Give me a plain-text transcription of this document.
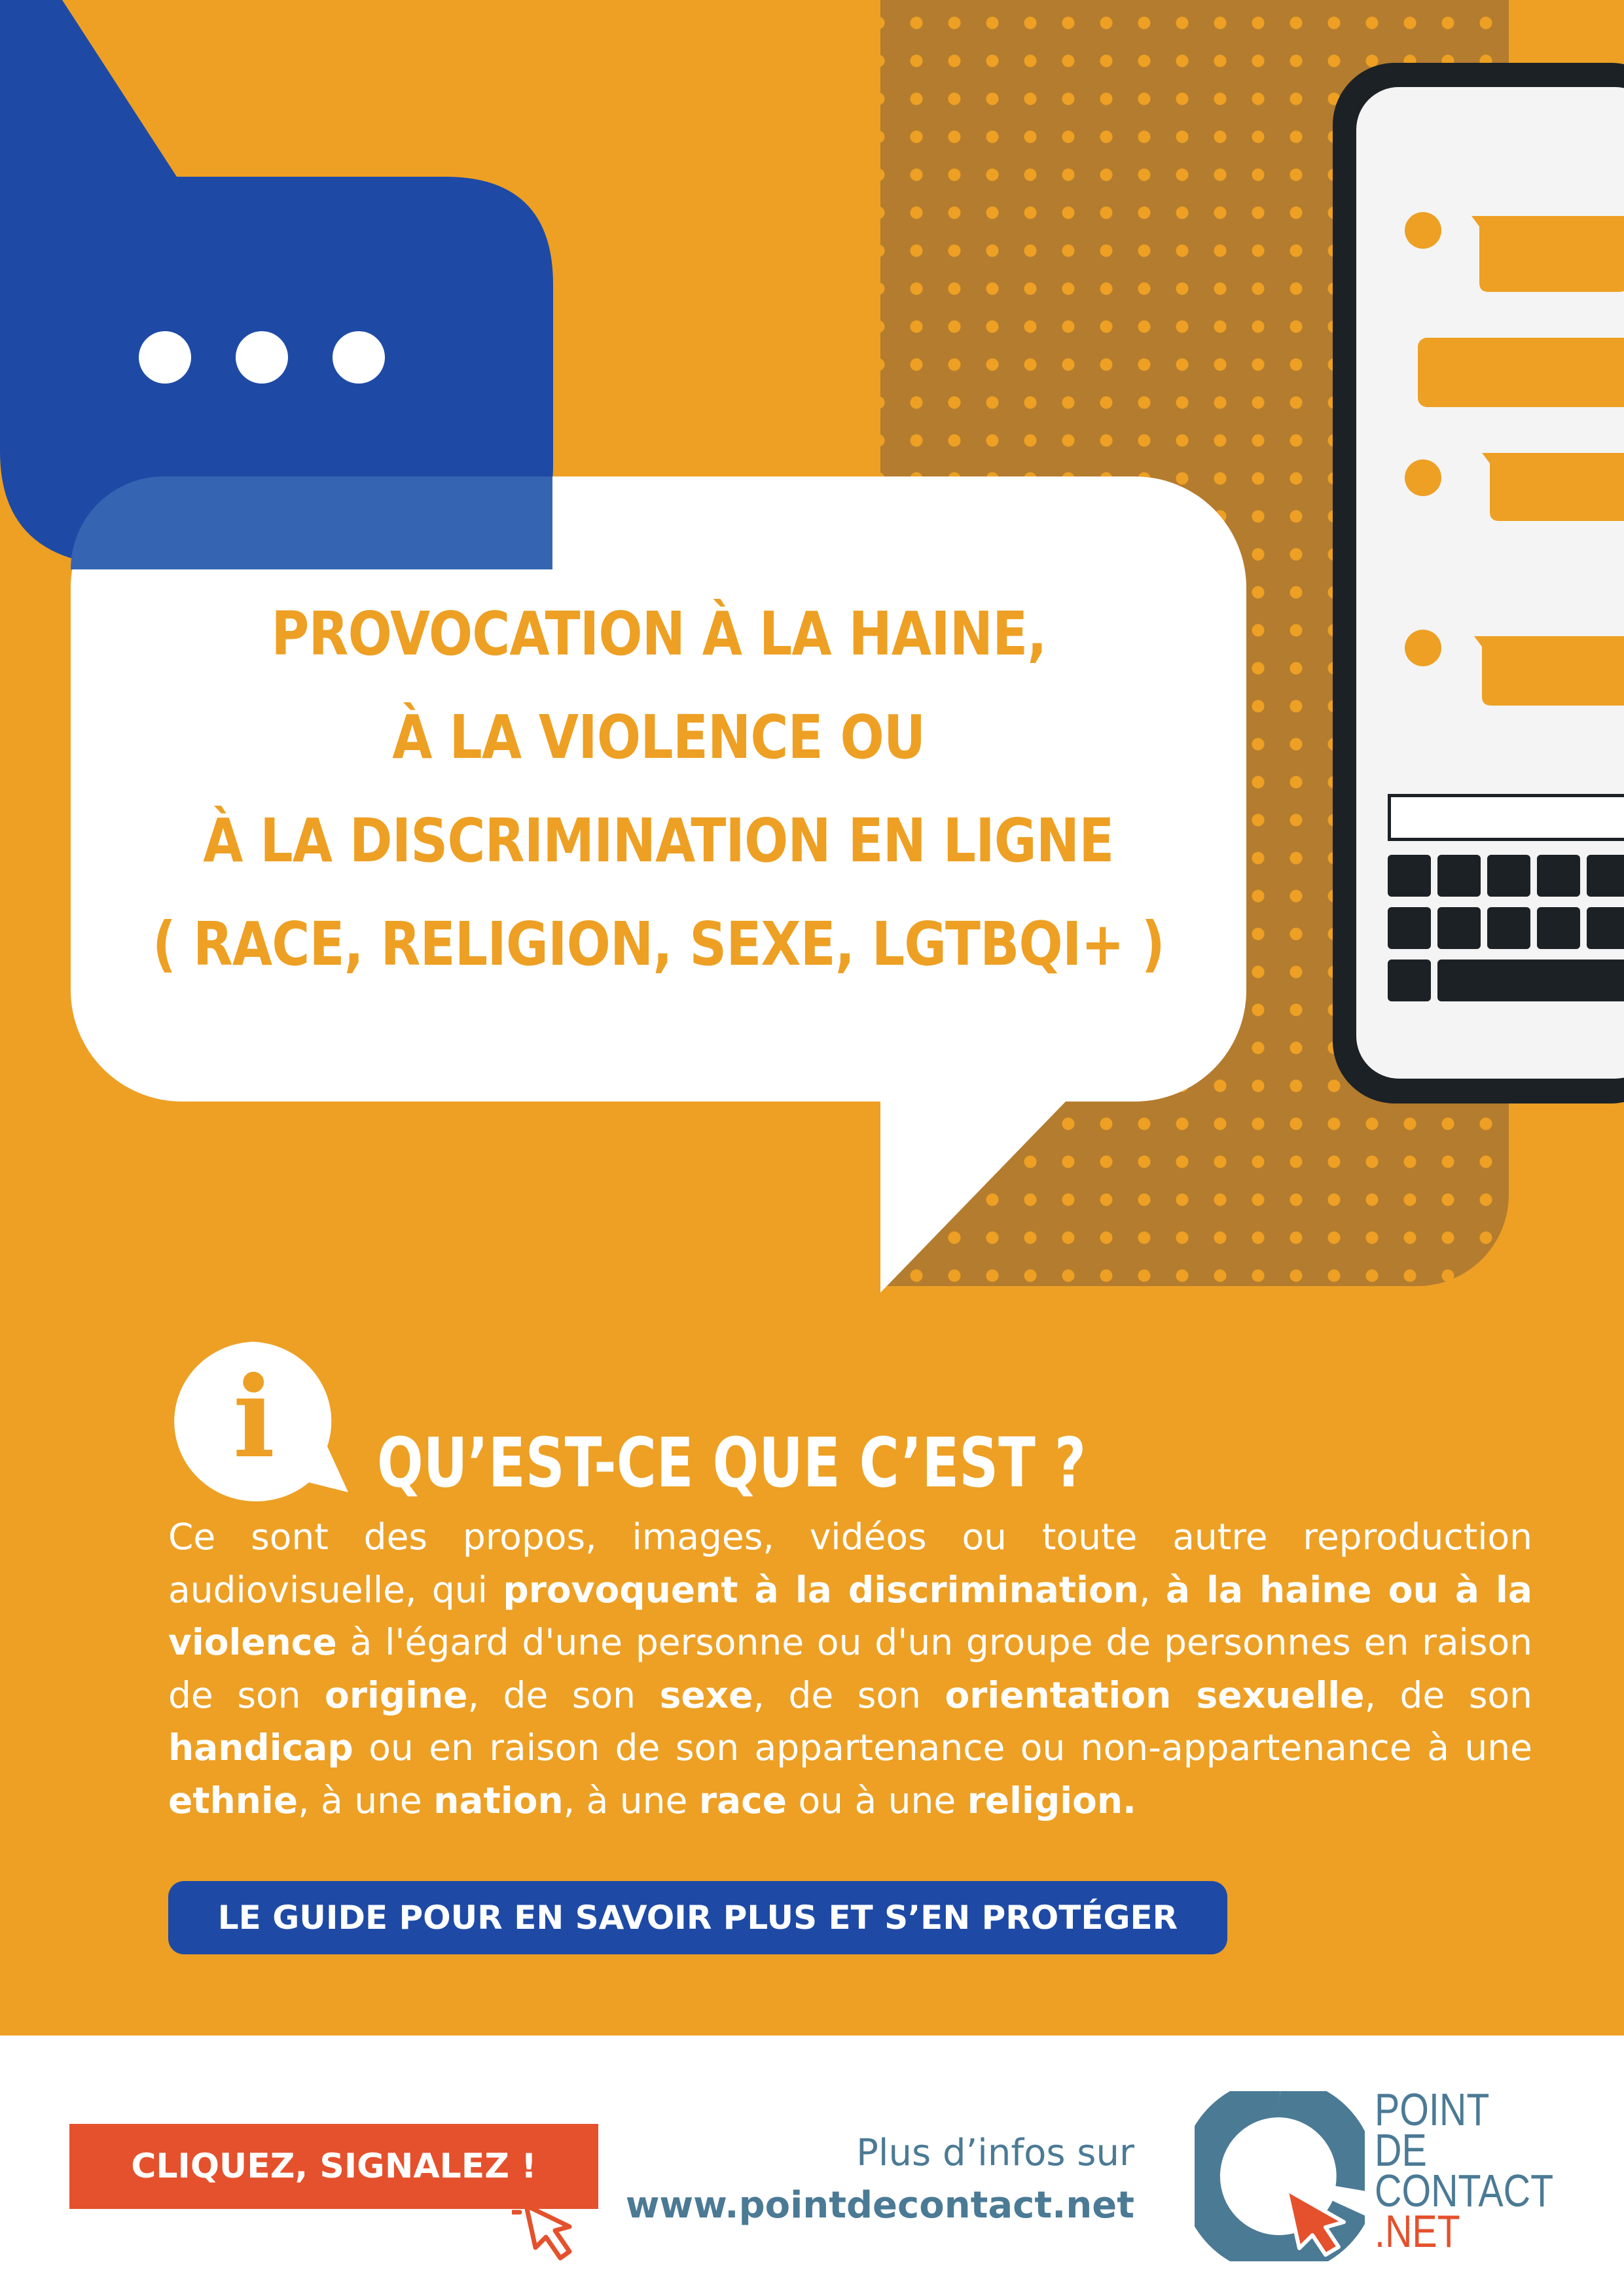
PROVOCATION À LA HAINE,
À LA VIOLENCE OU
À LA DISCRIMINATION EN LIGNE
( RACE, RELIGION, SEXE, LGTBQI+ )
i QU’EST-CE QUE C’EST ?

Ce sont des propos, images, vidéos ou toute autre reproduction audiovisuelle, qui provoquent à la discrimination, à la haine ou à la violence à l'égard d'une personne ou d'un groupe de personnes en raison de son origine, de son sexe, de son orientation sexuelle, de son handicap ou en raison de son appartenance ou non-appartenance à une ethnie, à une nation, à une race ou à une religion.

LE GUIDE POUR EN SAVOIR PLUS ET S’EN PROTÉGER
CLIQUEZ, SIGNALEZ !	Plus d’infos sur
www.pointdecontact.net
POINT
DE
CONTACT
.NET
